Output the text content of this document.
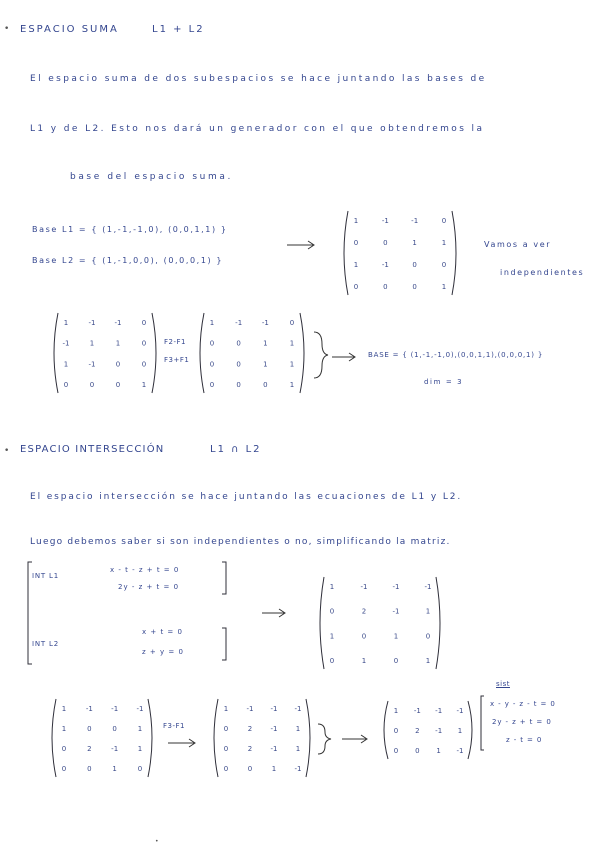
• ESPACIO SUMA	L1 + L2
El espacio suma de dos subespacios se hace juntando las bases de
L1 y de L2. Esto nos dará un generador con el que obtendremos la
base del espacio suma.
Base L1 = { (1,-1,-1,0), (0,0,1,1) }
Base L2 = { (1,-1,0,0), (0,0,0,1) }
1	-1	-1	0
0	0	1	1
1	-1	0	0
0	0	0	1
Vamos a ver
independientes
1	-1	-1	0
-1	1	1	0
1	-1	0	0
0	0	0	1
F2-F1
F3+F1
1	-1	-1	0
0	0	1	1
0	0	1	1
0	0	0	1
BASE = { (1,-1,-1,0),(0,0,1,1),(0,0,0,1) }
dim = 3
• ESPACIO INTERSECCIÓN	L1 ∩ L2
El espacio intersección se hace juntando las ecuaciones de L1 y L2.
Luego debemos saber si son independientes o no, simplificando la matriz.
INT L1
x - t - z + t = 0
2y - z + t = 0
INT L2
x + t = 0
z + y = 0
1	-1	-1	-1
0	2	-1	1
1	0	1	0
0	1	0	1
1	-1	-1	-1
1	0	0	1
0	2	-1	1
0	0	1	0
F3-F1
1	-1 -1 -1
0	2	-1	1
0	2	-1	1
0	0	1	-1
1 -1 -1 -1
0 2 -1 1
0 0 1 -1
sist
x - y - z - t = 0
2y - z + t = 0
z - t = 0
•
